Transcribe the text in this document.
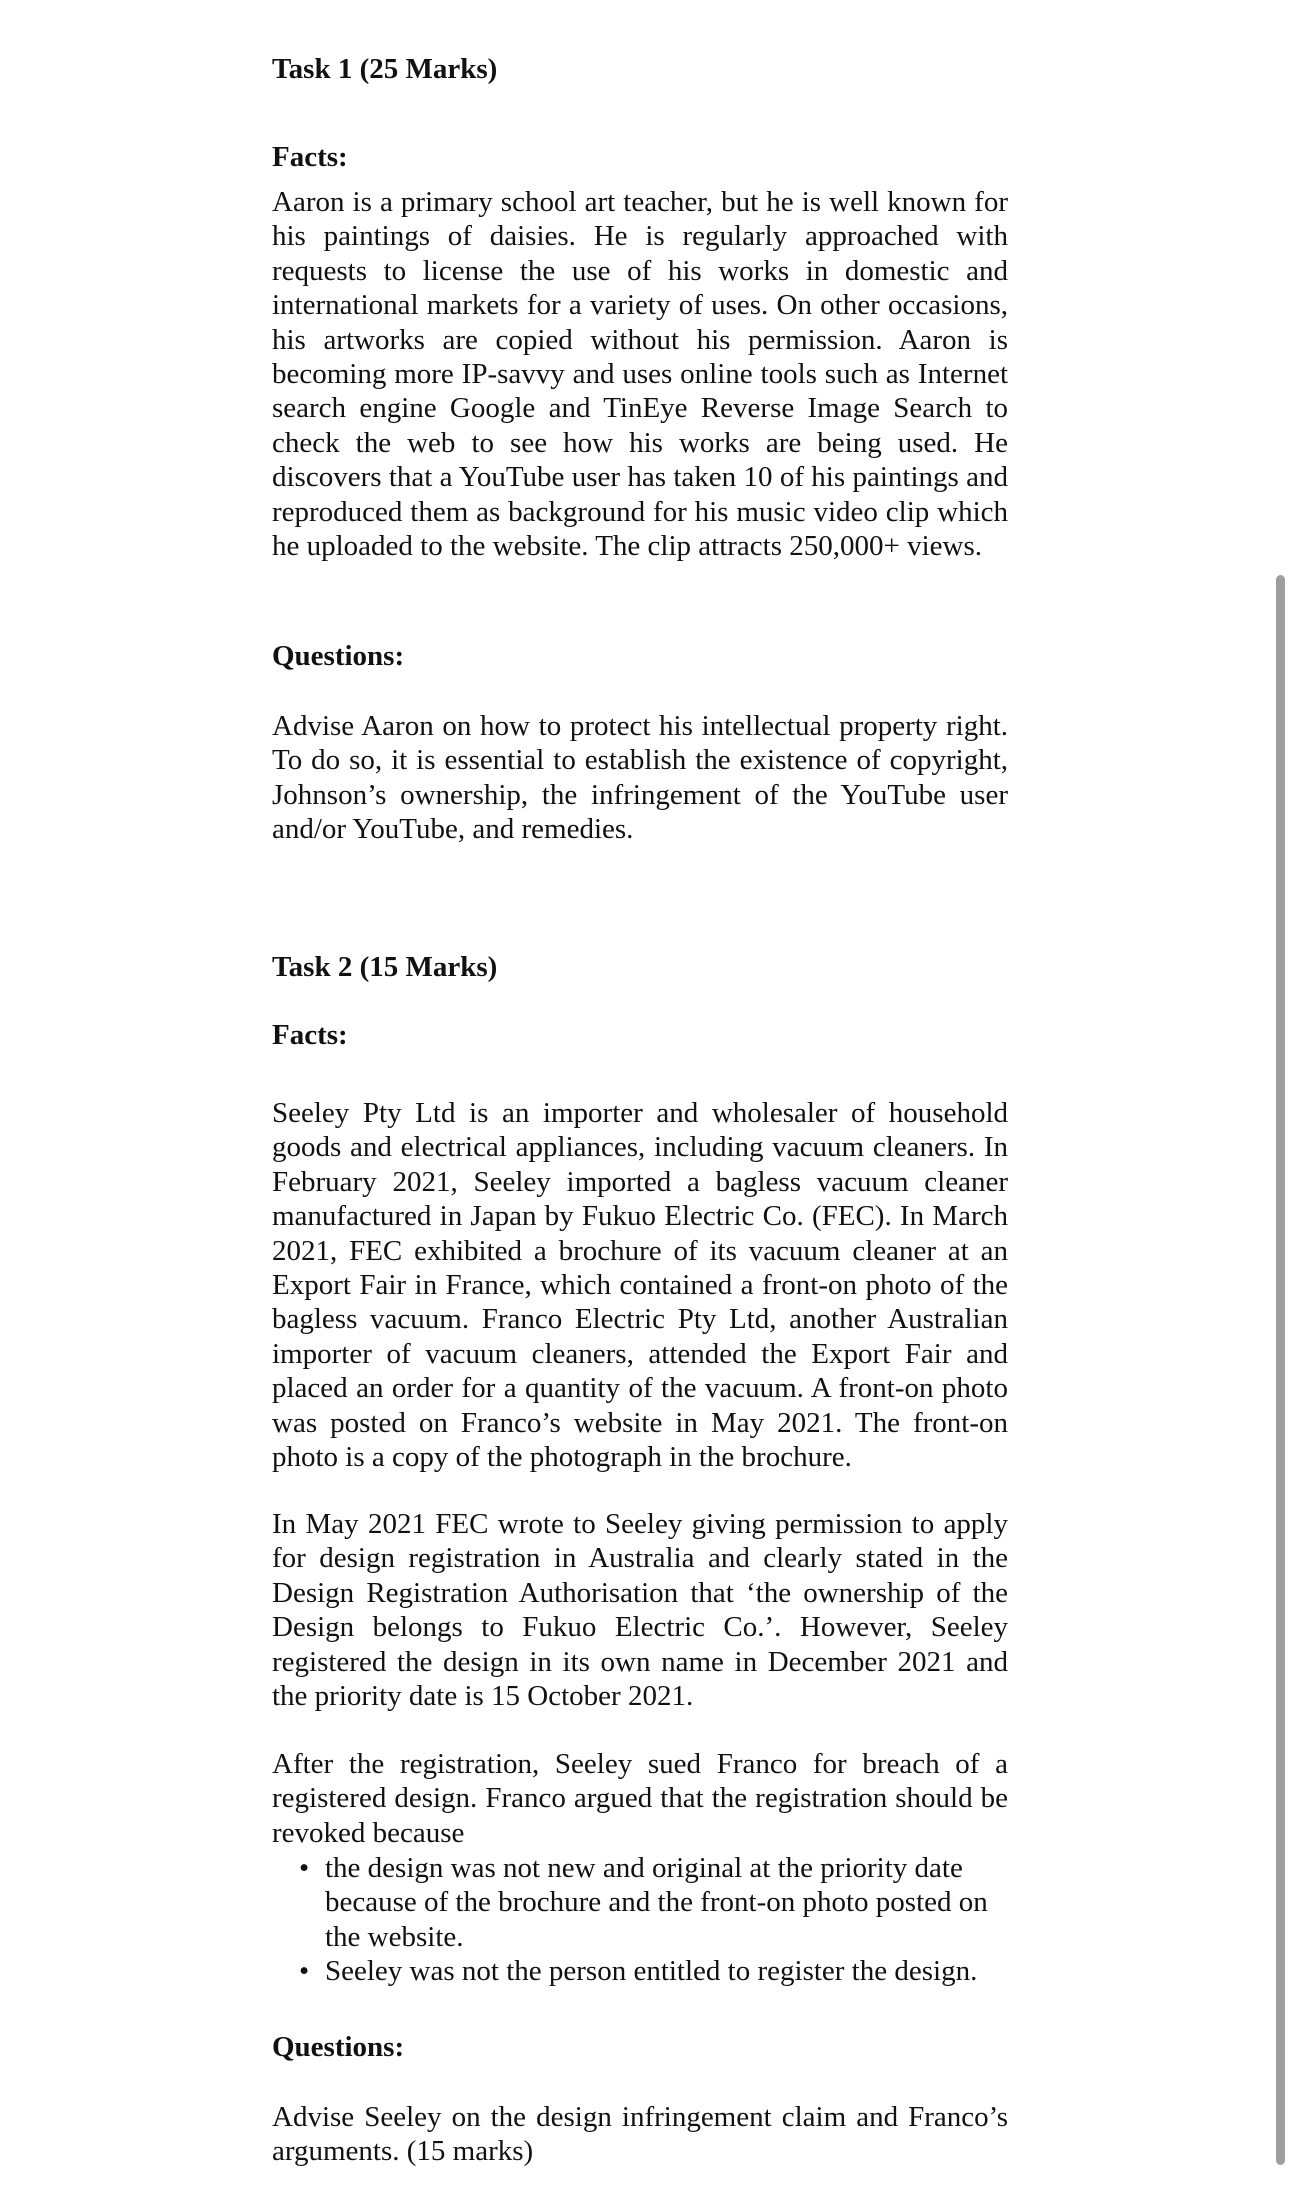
Task 1 (25 Marks)

Facts:

Aaron is a primary school art teacher, but he is well known for his paintings of daisies. He is regularly approached with requests to license the use of his works in domestic and international markets for a variety of uses. On other occasions, his artworks are copied without his permission. Aaron is becoming more IP-savvy and uses online tools such as Internet search engine Google and TinEye Reverse Image Search to check the web to see how his works are being used. He discovers that a YouTube user has taken 10 of his paintings and reproduced them as background for his music video clip which he uploaded to the website. The clip attracts 250,000+ views.

Questions:

Advise Aaron on how to protect his intellectual property right. To do so, it is essential to establish the existence of copyright, Johnson’s ownership, the infringement of the YouTube user and/or YouTube, and remedies.

Task 2 (15 Marks)

Facts:

Seeley Pty Ltd is an importer and wholesaler of household goods and electrical appliances, including vacuum cleaners. In February 2021, Seeley imported a bagless vacuum cleaner manufactured in Japan by Fukuo Electric Co. (FEC). In March 2021, FEC exhibited a brochure of its vacuum cleaner at an Export Fair in France, which contained a front-on photo of the bagless vacuum. Franco Electric Pty Ltd, another Australian importer of vacuum cleaners, attended the Export Fair and placed an order for a quantity of the vacuum. A front-on photo was posted on Franco’s website in May 2021. The front-on photo is a copy of the photograph in the brochure.

In May 2021 FEC wrote to Seeley giving permission to apply for design registration in Australia and clearly stated in the Design Registration Authorisation that ‘the ownership of the Design belongs to Fukuo Electric Co.’. However, Seeley registered the design in its own name in December 2021 and the priority date is 15 October 2021.

After the registration, Seeley sued Franco for breach of a registered design. Franco argued that the registration should be revoked because

• the design was not new and original at the priority date because of the brochure and the front-on photo posted on the website.
• Seeley was not the person entitled to register the design.

Questions:

Advise Seeley on the design infringement claim and Franco’s arguments. (15 marks)
